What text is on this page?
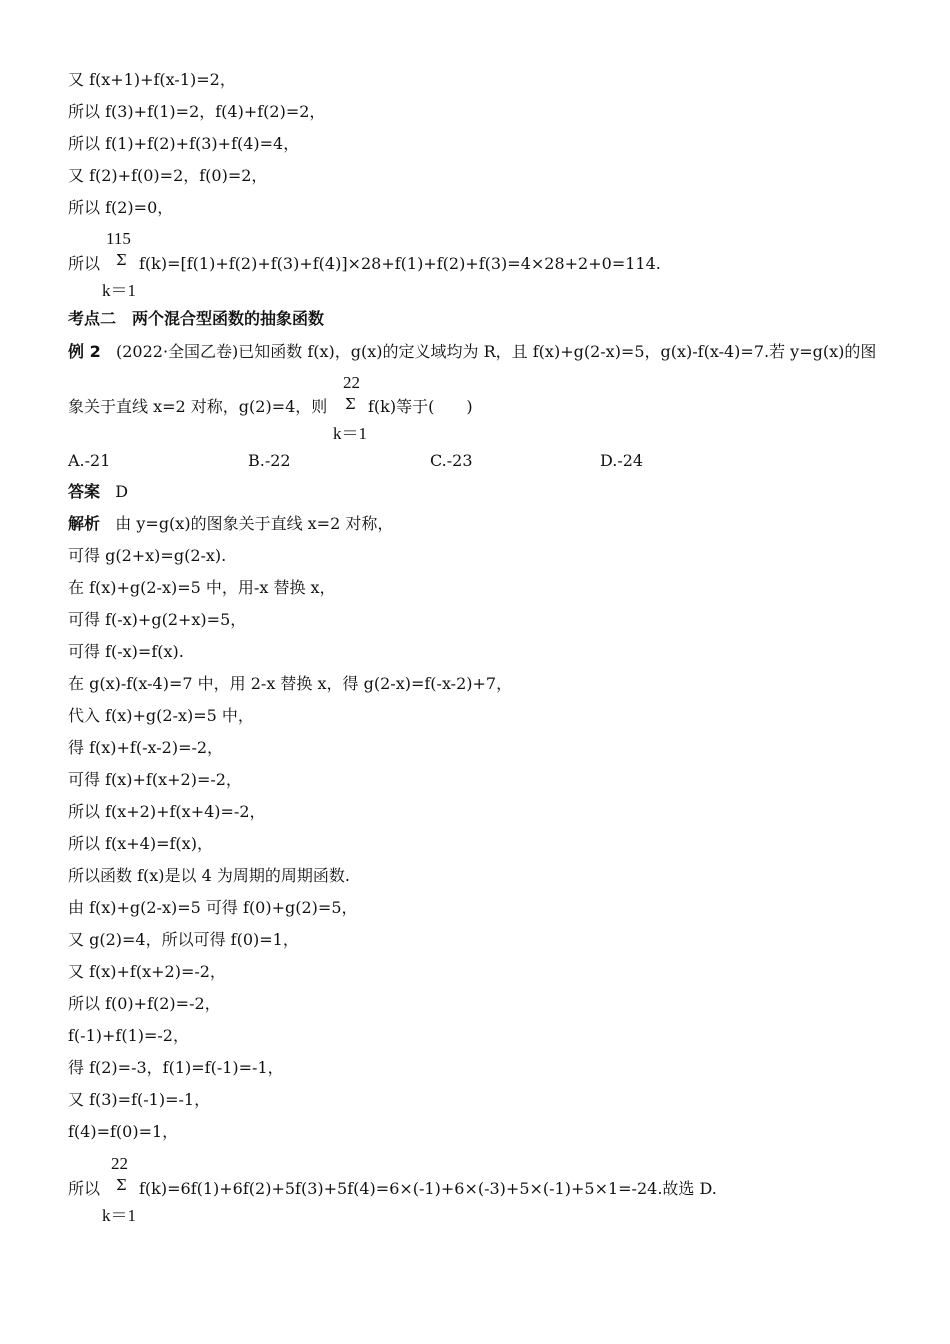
又 f(x+1)+f(x-1)=2，
所以 f(3)+f(1)=2，f(4)+f(2)=2，
所以 f(1)+f(2)+f(3)+f(4)=4，
又 f(2)+f(0)=2，f(0)=2，
所以 f(2)=0，
115
所以 Σ f(k)=[f(1)+f(2)+f(3)+f(4)]×28+f(1)+f(2)+f(3)=4×28+2+0=114.
k＝1
考点二　两个混合型函数的抽象函数
例 2 (2022·全国乙卷)已知函数 f(x)，g(x)的定义域均为 R，且 f(x)+g(2-x)=5，g(x)-f(x-4)=7.若 y=g(x)的图
22
象关于直线 x=2 对称，g(2)=4，则 Σ f(k)等于(　　)
k＝1
A.-21	B.-22	C.-23	D.-24
答案 D
解析 由 y=g(x)的图象关于直线 x=2 对称，
可得 g(2+x)=g(2-x).
在 f(x)+g(2-x)=5 中，用-x 替换 x，
可得 f(-x)+g(2+x)=5，
可得 f(-x)=f(x).
在 g(x)-f(x-4)=7 中，用 2-x 替换 x，得 g(2-x)=f(-x-2)+7，
代入 f(x)+g(2-x)=5 中，
得 f(x)+f(-x-2)=-2，
可得 f(x)+f(x+2)=-2，
所以 f(x+2)+f(x+4)=-2，
所以 f(x+4)=f(x)，
所以函数 f(x)是以 4 为周期的周期函数.
由 f(x)+g(2-x)=5 可得 f(0)+g(2)=5，
又 g(2)=4，所以可得 f(0)=1，
又 f(x)+f(x+2)=-2，
所以 f(0)+f(2)=-2，
f(-1)+f(1)=-2，
得 f(2)=-3，f(1)=f(-1)=-1，
又 f(3)=f(-1)=-1，
f(4)=f(0)=1，
22
所以 Σ f(k)=6f(1)+6f(2)+5f(3)+5f(4)=6×(-1)+6×(-3)+5×(-1)+5×1=-24.故选 D.
k＝1
